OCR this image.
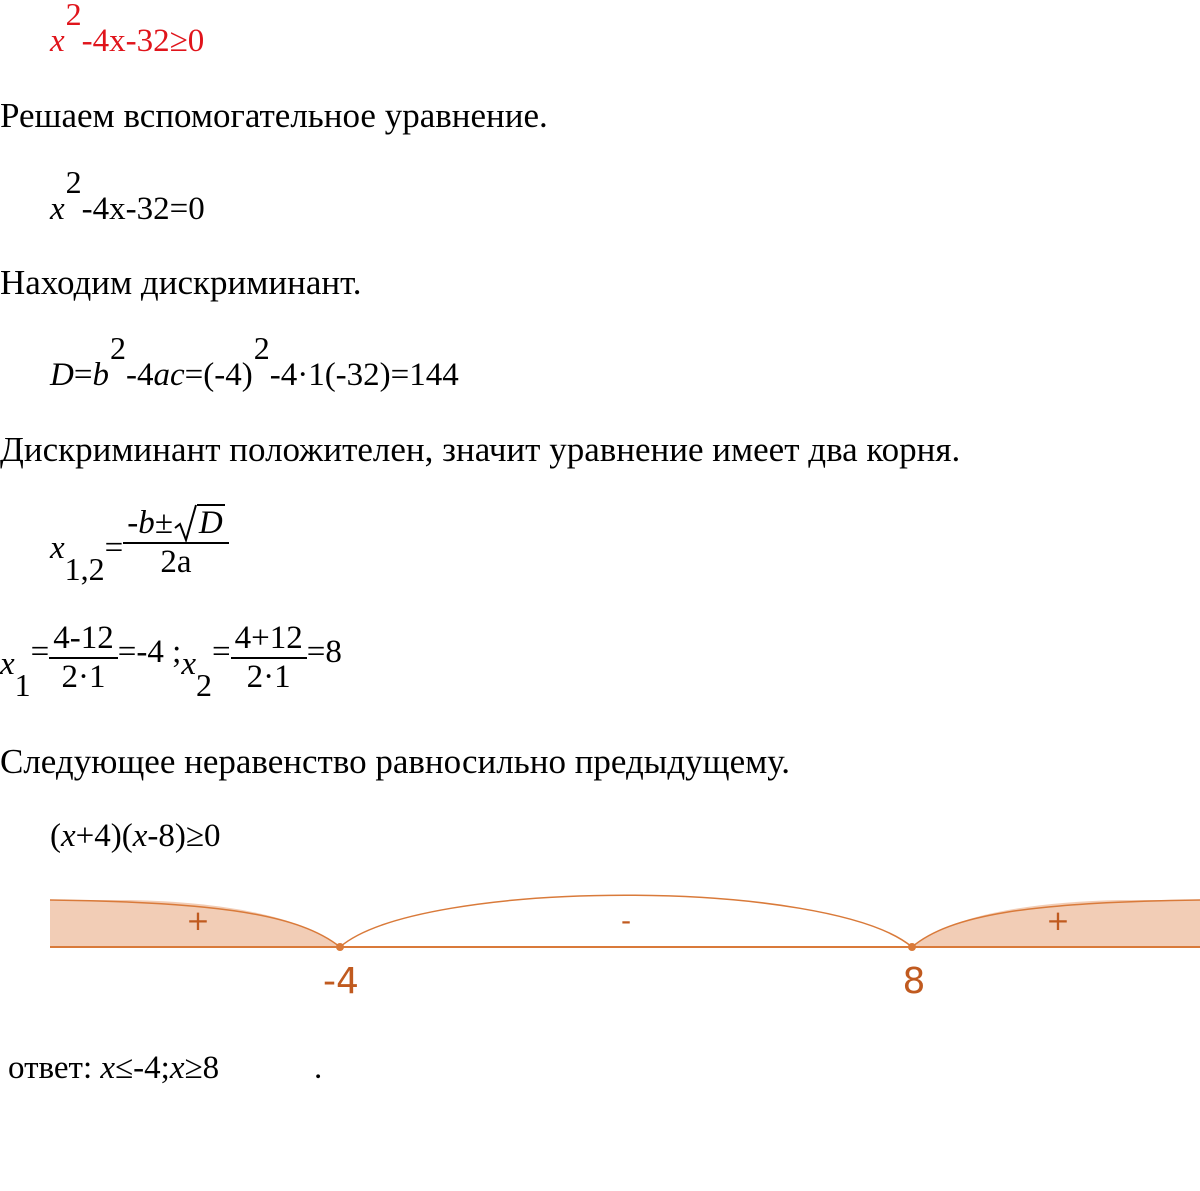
$x^2-4x-32\ge 0$
Решаем вспомогательное уравнение.
$x^2-4x-32=0$
Находим дискриминант.
$D=b^2-4ac=(-4)^2-4\cdot 1(-32)=144$
Дискриминант положителен, значит уравнение имеет два корня.
$x_{1,2}= \frac{-b\pm D}{2a}$
$x_1= \frac{4-12}{2\cdot 1} =-4$ $;x_2= \frac{4+12}{2\cdot 1} =8$
Следующее неравенство равносильно предыдущему.
(x+4)(x-8)≥0
+	-	+
-4	8
ответ: x≤-4;x≥8	.
